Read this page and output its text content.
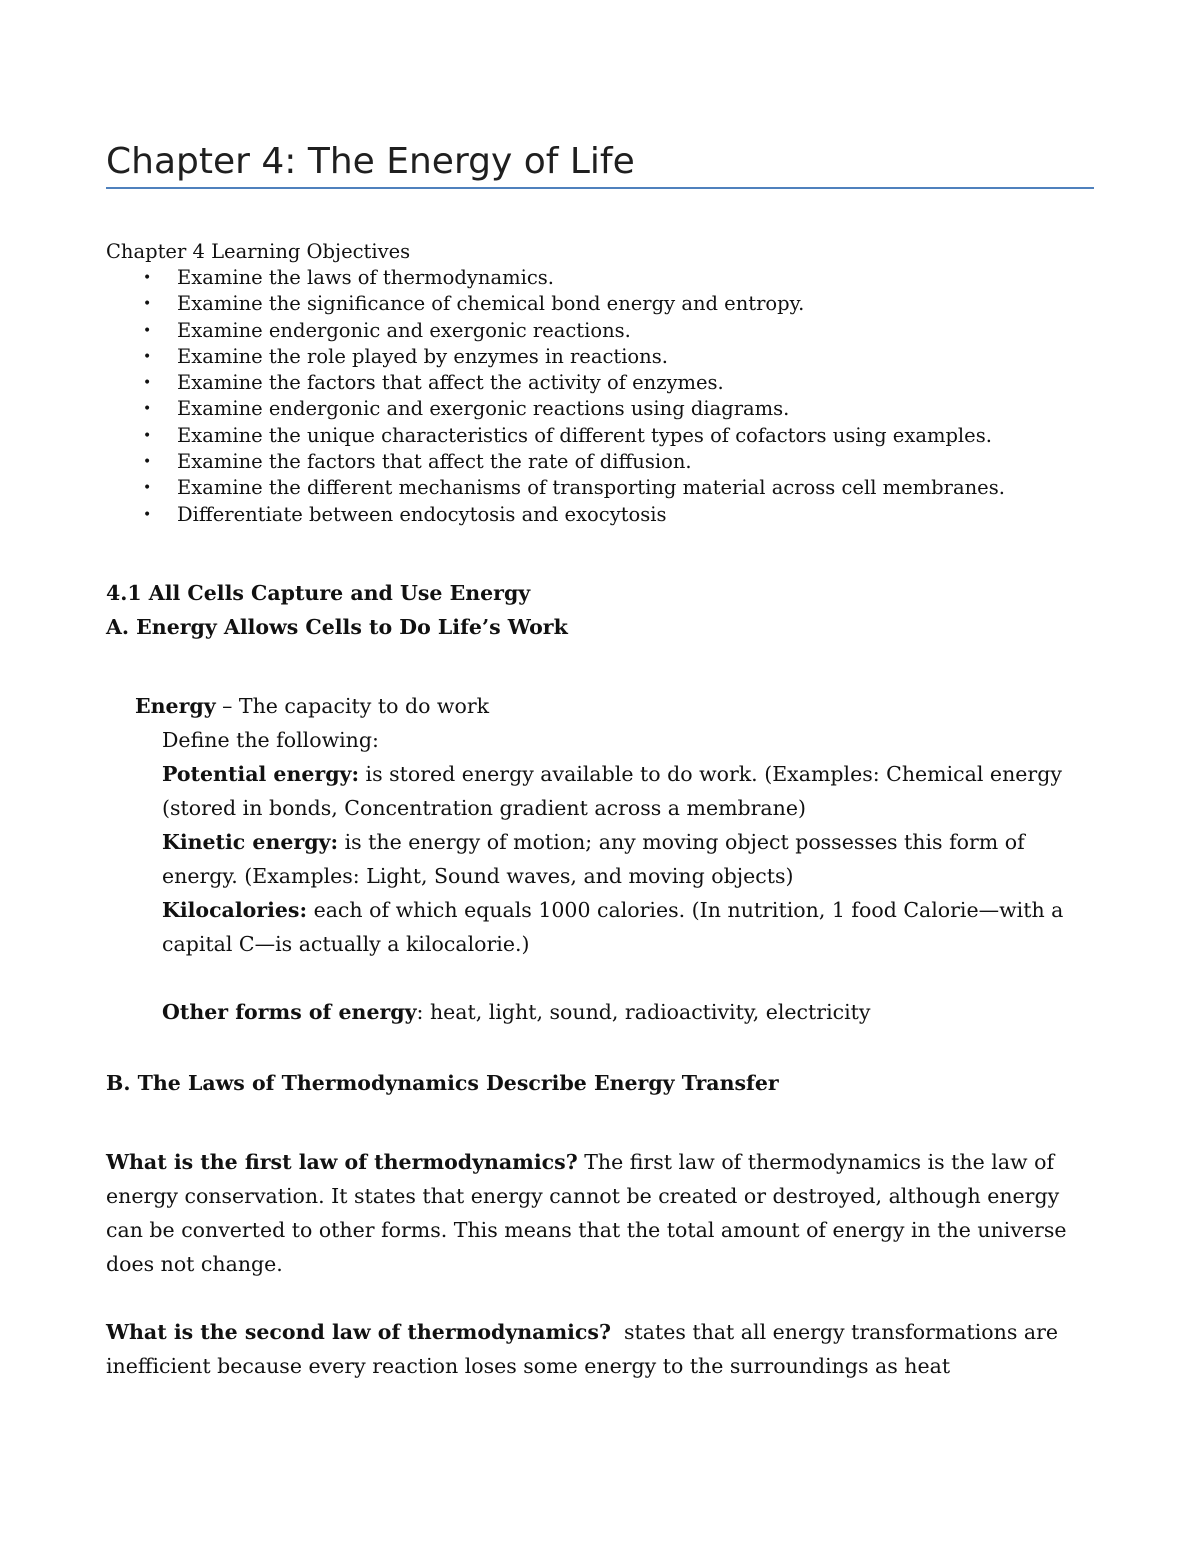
Chapter 4: The Energy of Life
Chapter 4 Learning Objectives
• Examine the laws of thermodynamics.
• Examine the significance of chemical bond energy and entropy.
• Examine endergonic and exergonic reactions.
• Examine the role played by enzymes in reactions.
• Examine the factors that affect the activity of enzymes.
• Examine endergonic and exergonic reactions using diagrams.
• Examine the unique characteristics of different types of cofactors using examples.
• Examine the factors that affect the rate of diffusion.
• Examine the different mechanisms of transporting material across cell membranes.
• Differentiate between endocytosis and exocytosis
4.1 All Cells Capture and Use Energy
A. Energy Allows Cells to Do Life’s Work
Energy – The capacity to do work
Define the following:
Potential energy: is stored energy available to do work. (Examples: Chemical energy
(stored in bonds, Concentration gradient across a membrane)
Kinetic energy: is the energy of motion; any moving object possesses this form of
energy. (Examples: Light, Sound waves, and moving objects)
Kilocalories: each of which equals 1000 calories. (In nutrition, 1 food Calorie—with a
capital C—is actually a kilocalorie.)
Other forms of energy: heat, light, sound, radioactivity, electricity
B. The Laws of Thermodynamics Describe Energy Transfer
What is the first law of thermodynamics? The first law of thermodynamics is the law of
energy conservation. It states that energy cannot be created or destroyed, although energy
can be converted to other forms. This means that the total amount of energy in the universe
does not change.
What is the second law of thermodynamics?  states that all energy transformations are
inefficient because every reaction loses some energy to the surroundings as heat
